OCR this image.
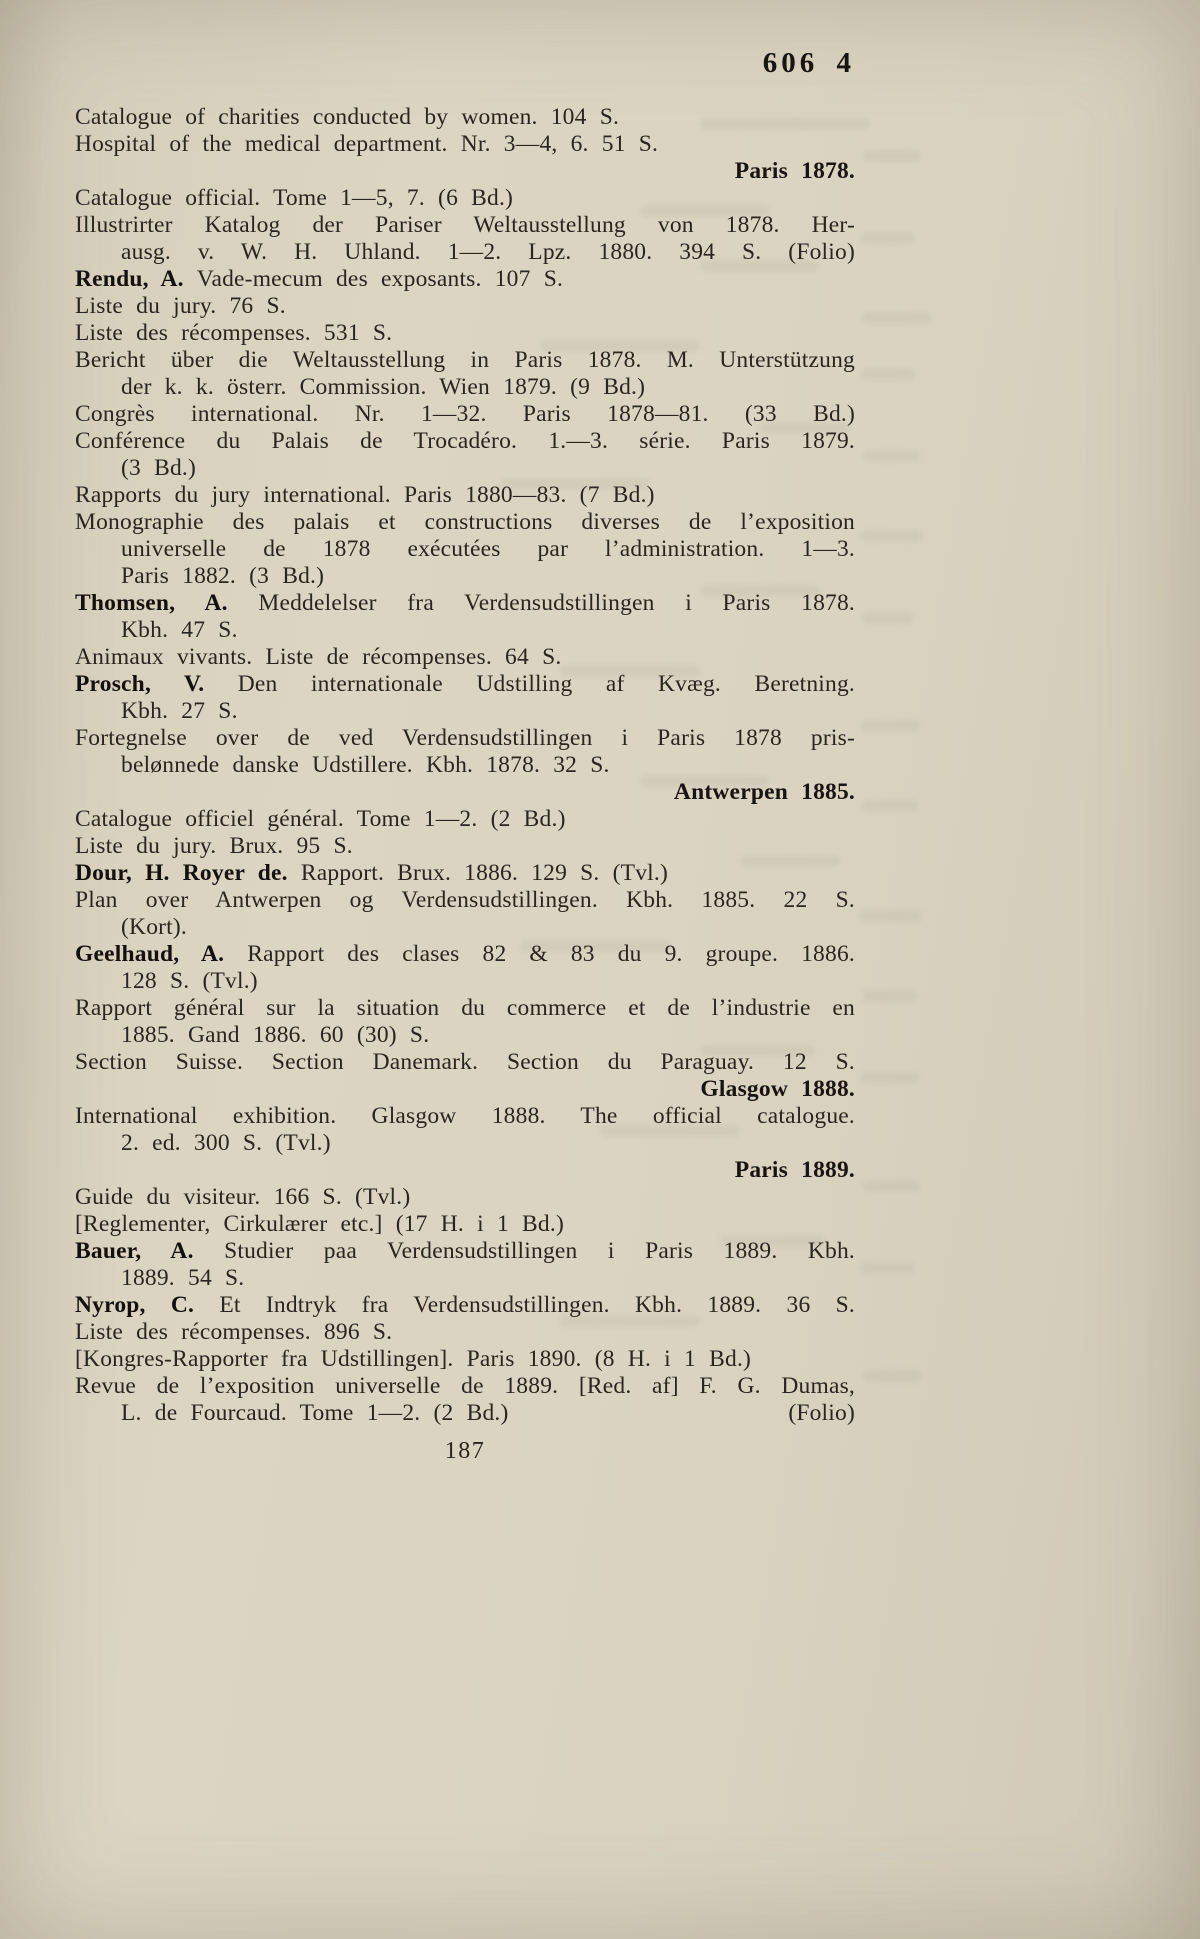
606 4
Catalogue of charities conducted by women. 104 S.
Hospital of the medical department. Nr. 3—4, 6. 51 S.
Paris 1878.
Catalogue official. Tome 1—5, 7. (6 Bd.)
Illustrirter Katalog der Pariser Weltausstellung von 1878. Her-
ausg. v. W. H. Uhland. 1—2. Lpz. 1880. 394 S. (Folio)
Rendu, A. Vade-mecum des exposants. 107 S.
Liste du jury. 76 S.
Liste des récompenses. 531 S.
Bericht über die Weltausstellung in Paris 1878. M. Unterstützung
der k. k. österr. Commission. Wien 1879. (9 Bd.)
Congrès international. Nr. 1—32. Paris 1878—81. (33 Bd.)
Conférence du Palais de Trocadéro. 1.—3. série. Paris 1879.
(3 Bd.)
Rapports du jury international. Paris 1880—83. (7 Bd.)
Monographie des palais et constructions diverses de l’exposition
universelle de 1878 exécutées par l’administration. 1—3.
Paris 1882. (3 Bd.)
Thomsen, A. Meddelelser fra Verdensudstillingen i Paris 1878.
Kbh. 47 S.
Animaux vivants. Liste de récompenses. 64 S.
Prosch, V. Den internationale Udstilling af Kvæg. Beretning.
Kbh. 27 S.
Fortegnelse over de ved Verdensudstillingen i Paris 1878 pris-
belønnede danske Udstillere. Kbh. 1878. 32 S.
Antwerpen 1885.
Catalogue officiel général. Tome 1—2. (2 Bd.)
Liste du jury. Brux. 95 S.
Dour, H. Royer de. Rapport. Brux. 1886. 129 S. (Tvl.)
Plan over Antwerpen og Verdensudstillingen. Kbh. 1885. 22 S.
(Kort).
Geelhaud, A. Rapport des clases 82 & 83 du 9. groupe. 1886.
128 S. (Tvl.)
Rapport général sur la situation du commerce et de l’industrie en
1885. Gand 1886. 60 (30) S.
Section Suisse. Section Danemark. Section du Paraguay. 12 S.
Glasgow 1888.
International exhibition. Glasgow 1888. The official catalogue.
2. ed. 300 S. (Tvl.)
Paris 1889.
Guide du visiteur. 166 S. (Tvl.)
[Reglementer, Cirkulærer etc.] (17 H. i 1 Bd.)
Bauer, A. Studier paa Verdensudstillingen i Paris 1889. Kbh.
1889. 54 S.
Nyrop, C. Et Indtryk fra Verdensudstillingen. Kbh. 1889. 36 S.
Liste des récompenses. 896 S.
[Kongres-Rapporter fra Udstillingen]. Paris 1890. (8 H. i 1 Bd.)
Revue de l’exposition universelle de 1889. [Red. af] F. G. Dumas,
L. de Fourcaud. Tome 1—2. (2 Bd.)	(Folio)
187
